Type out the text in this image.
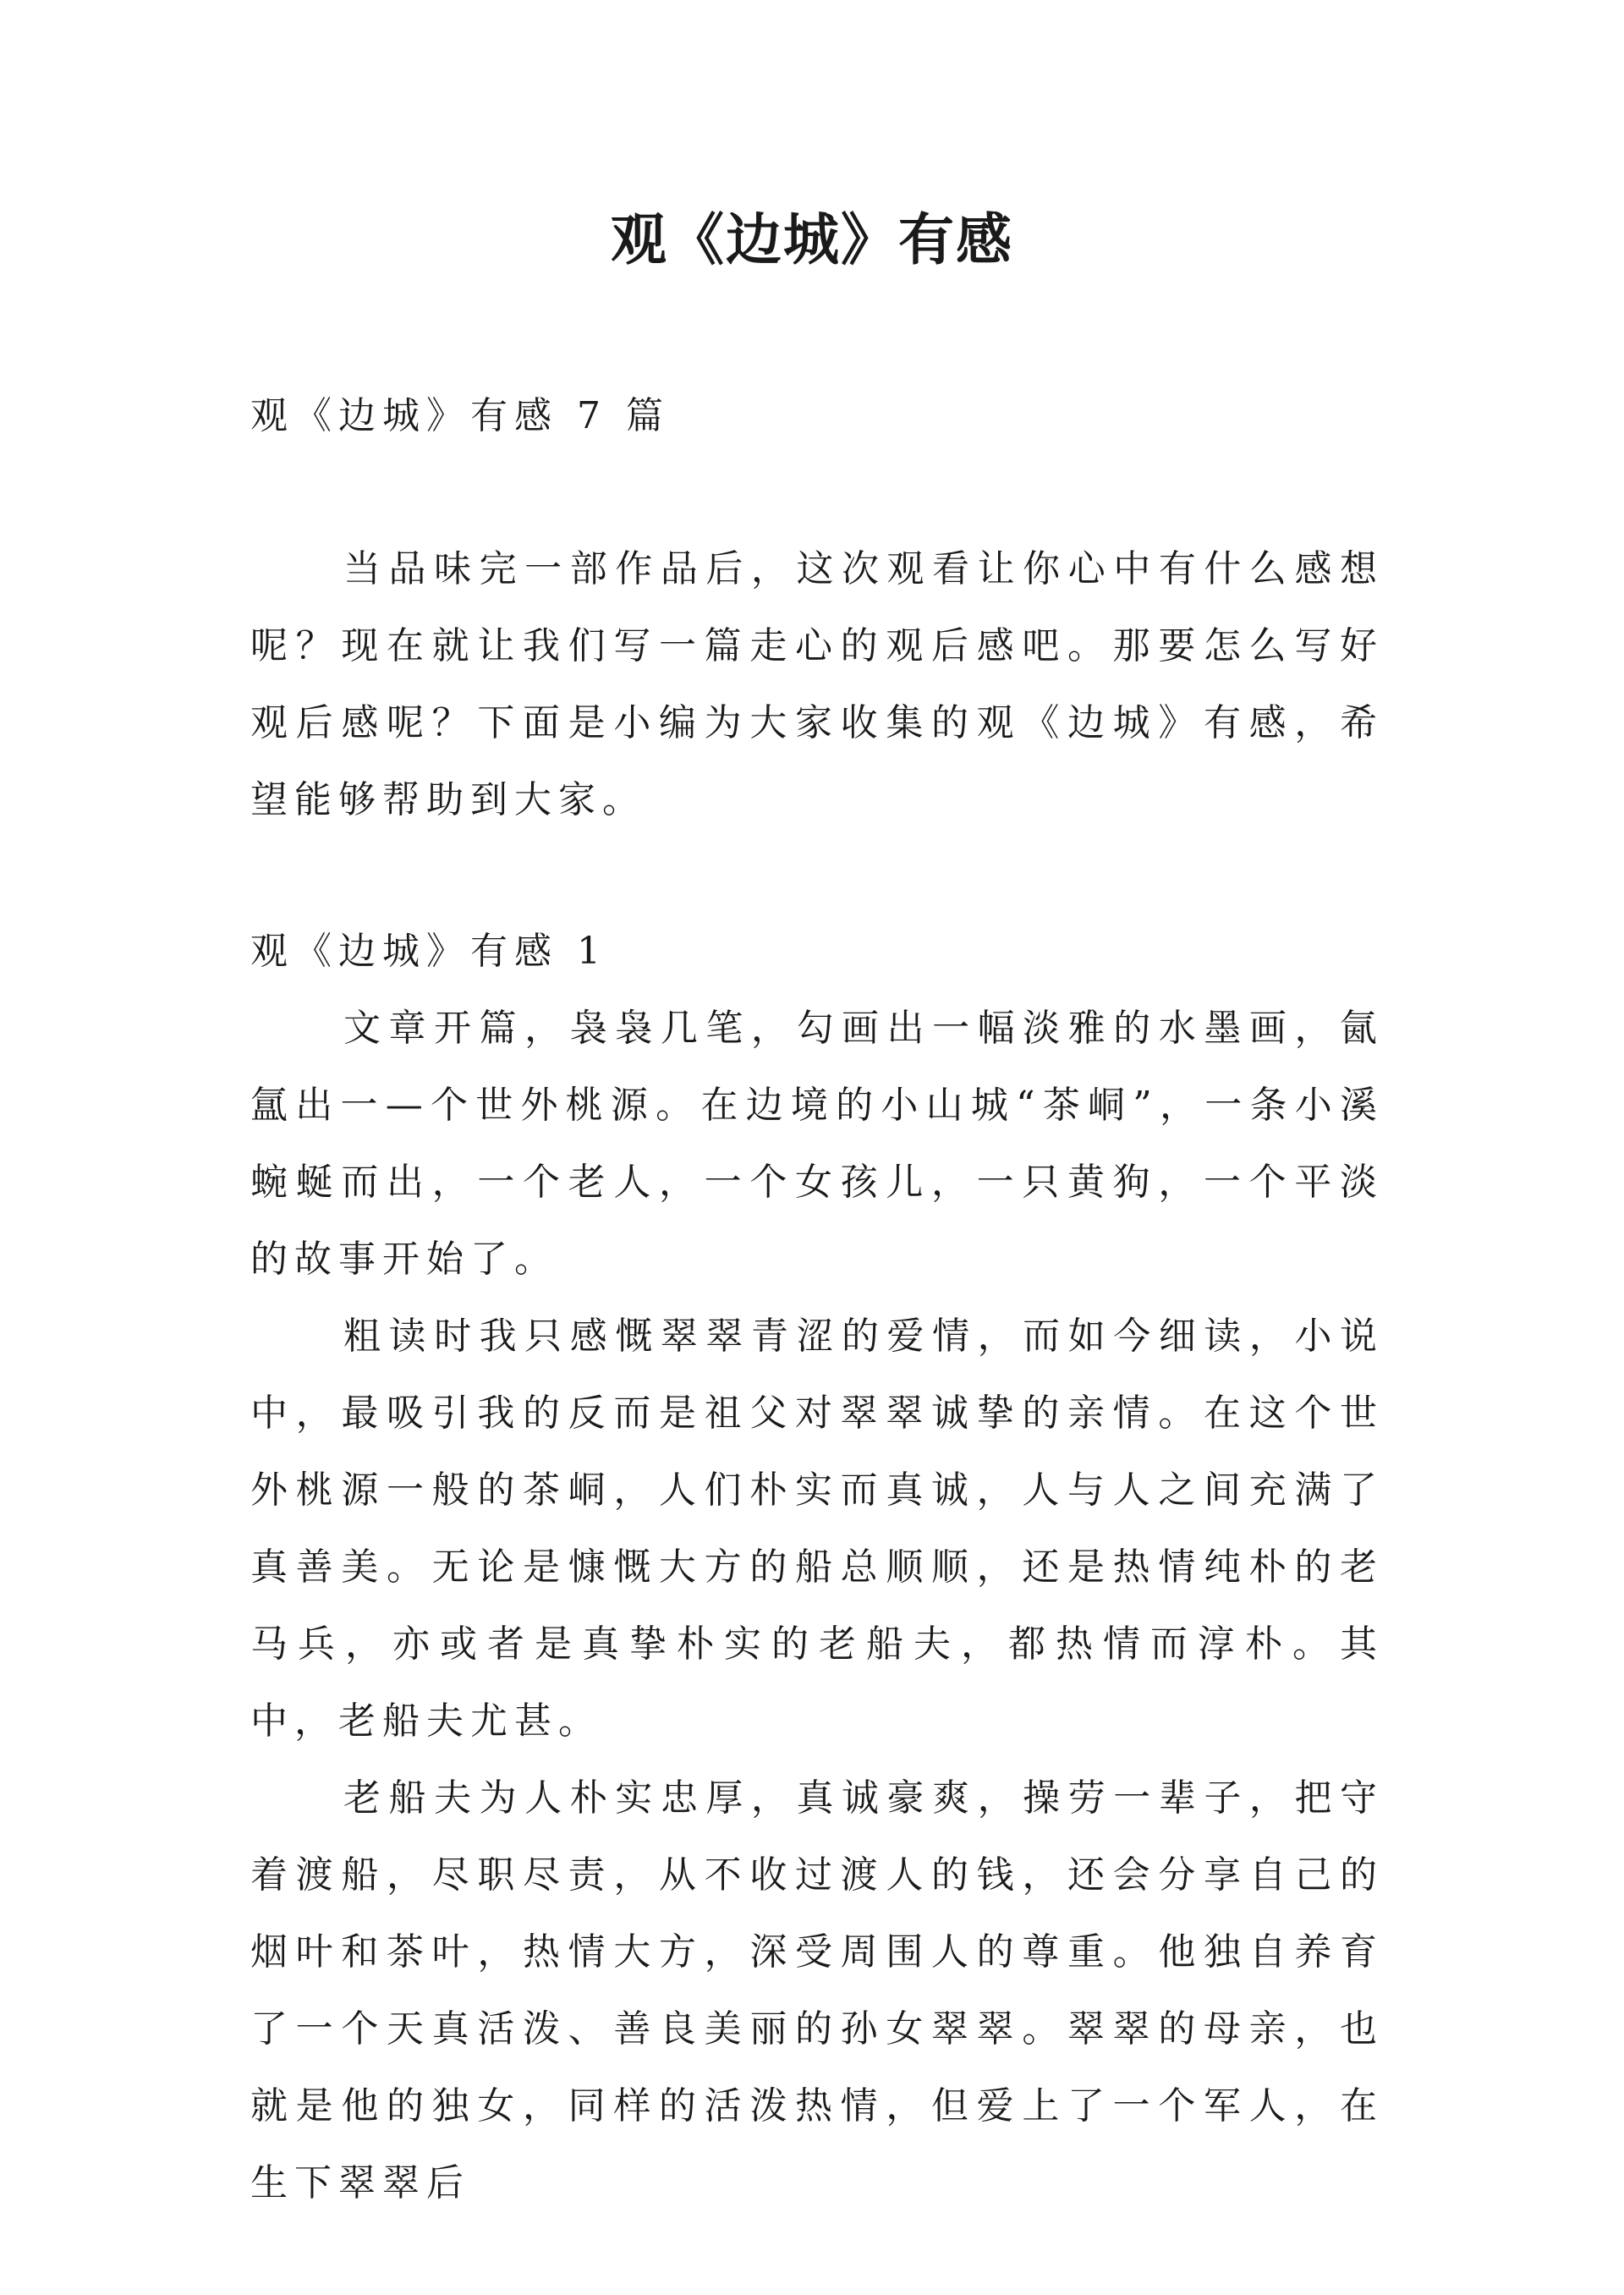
观《边城》有感

观《边城》有感 7 篇

当品味完一部作品后，这次观看让你心中有什么感想呢？现在就让我们写一篇走心的观后感吧。那要怎么写好观后感呢？下面是小编为大家收集的观《边城》有感，希望能够帮助到大家。

观《边城》有感 1

文章开篇，袅袅几笔，勾画出一幅淡雅的水墨画，氤氲出一—个世外桃源。在边境的小山城“茶峒”，一条小溪蜿蜒而出，一个老人，一个女孩儿，一只黄狗，一个平淡的故事开始了。

粗读时我只感慨翠翠青涩的爱情，而如今细读，小说中，最吸引我的反而是祖父对翠翠诚挚的亲情。在这个世外桃源一般的茶峒，人们朴实而真诚，人与人之间充满了真善美。无论是慷慨大方的船总顺顺，还是热情纯朴的老马兵，亦或者是真挚朴实的老船夫，都热情而淳朴。其中，老船夫尤甚。

老船夫为人朴实忠厚，真诚豪爽，操劳一辈子，把守着渡船，尽职尽责，从不收过渡人的钱，还会分享自己的烟叶和茶叶，热情大方，深受周围人的尊重。他独自养育了一个天真活泼、善良美丽的孙女翠翠。翠翠的母亲，也就是他的独女，同样的活泼热情，但爱上了一个军人，在生下翠翠后
